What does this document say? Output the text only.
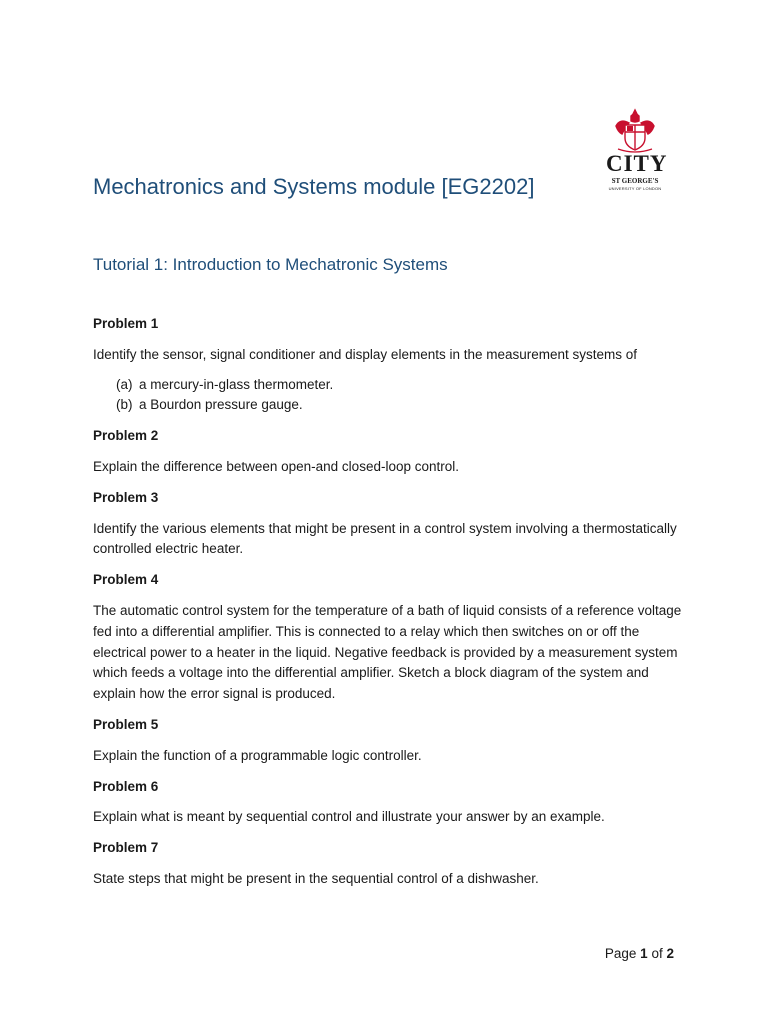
CITY
ST GEORGE'S
UNIVERSITY OF LONDON
Mechatronics and Systems module [EG2202]
Tutorial 1: Introduction to Mechatronic Systems

Problem 1

Identify the sensor, signal conditioner and display elements in the measurement systems of

(a) a mercury-in-glass thermometer.
(b) a Bourdon pressure gauge.

Problem 2

Explain the difference between open-and closed-loop control.

Problem 3

Identify the various elements that might be present in a control system involving a thermostatically controlled electric heater.

Problem 4

The automatic control system for the temperature of a bath of liquid consists of a reference voltage fed into a differential amplifier. This is connected to a relay which then switches on or off the electrical power to a heater in the liquid. Negative feedback is provided by a measurement system which feeds a voltage into the differential amplifier. Sketch a block diagram of the system and explain how the error signal is produced.

Problem 5

Explain the function of a programmable logic controller.

Problem 6

Explain what is meant by sequential control and illustrate your answer by an example.

Problem 7

State steps that might be present in the sequential control of a dishwasher.

Page 1 of 2
